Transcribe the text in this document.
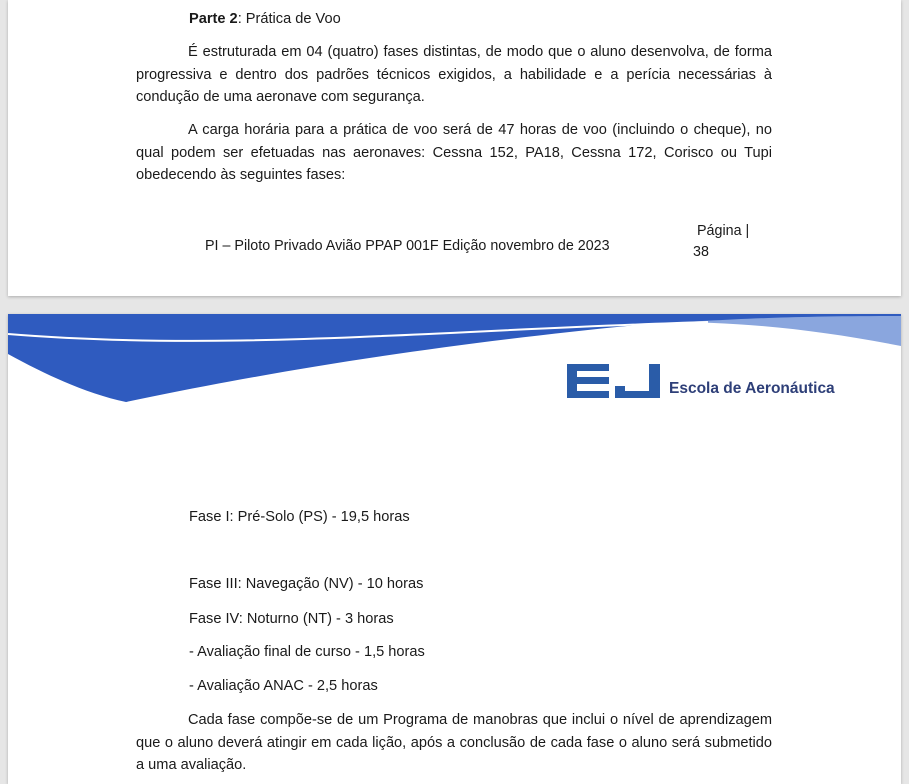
Parte 2: Prática de Voo

É estruturada em 04 (quatro) fases distintas, de modo que o aluno desenvolva, de forma progressiva e dentro dos padrões técnicos exigidos, a habilidade e a perícia necessárias à condução de uma aeronave com segurança.

A carga horária para a prática de voo será de 47 horas de voo (incluindo o cheque), no qual podem ser efetuadas nas aeronaves: Cessna 152, PA18, Cessna 172, Corisco ou Tupi obedecendo às seguintes fases:

PI – Piloto Privado Avião PPAP 001F Edição novembro de 2023

Página |

38

Escola de Aeronáutica

Fase I: Pré-Solo (PS) - 19,5 horas

Fase III: Navegação (NV) - 10 horas

Fase IV: Noturno (NT) - 3 horas

- Avaliação final de curso - 1,5 horas

- Avaliação ANAC - 2,5 horas

Cada fase compõe-se de um Programa de manobras que inclui o nível de aprendizagem que o aluno deverá atingir em cada lição, após a conclusão de cada fase o aluno será submetido a uma avaliação.
